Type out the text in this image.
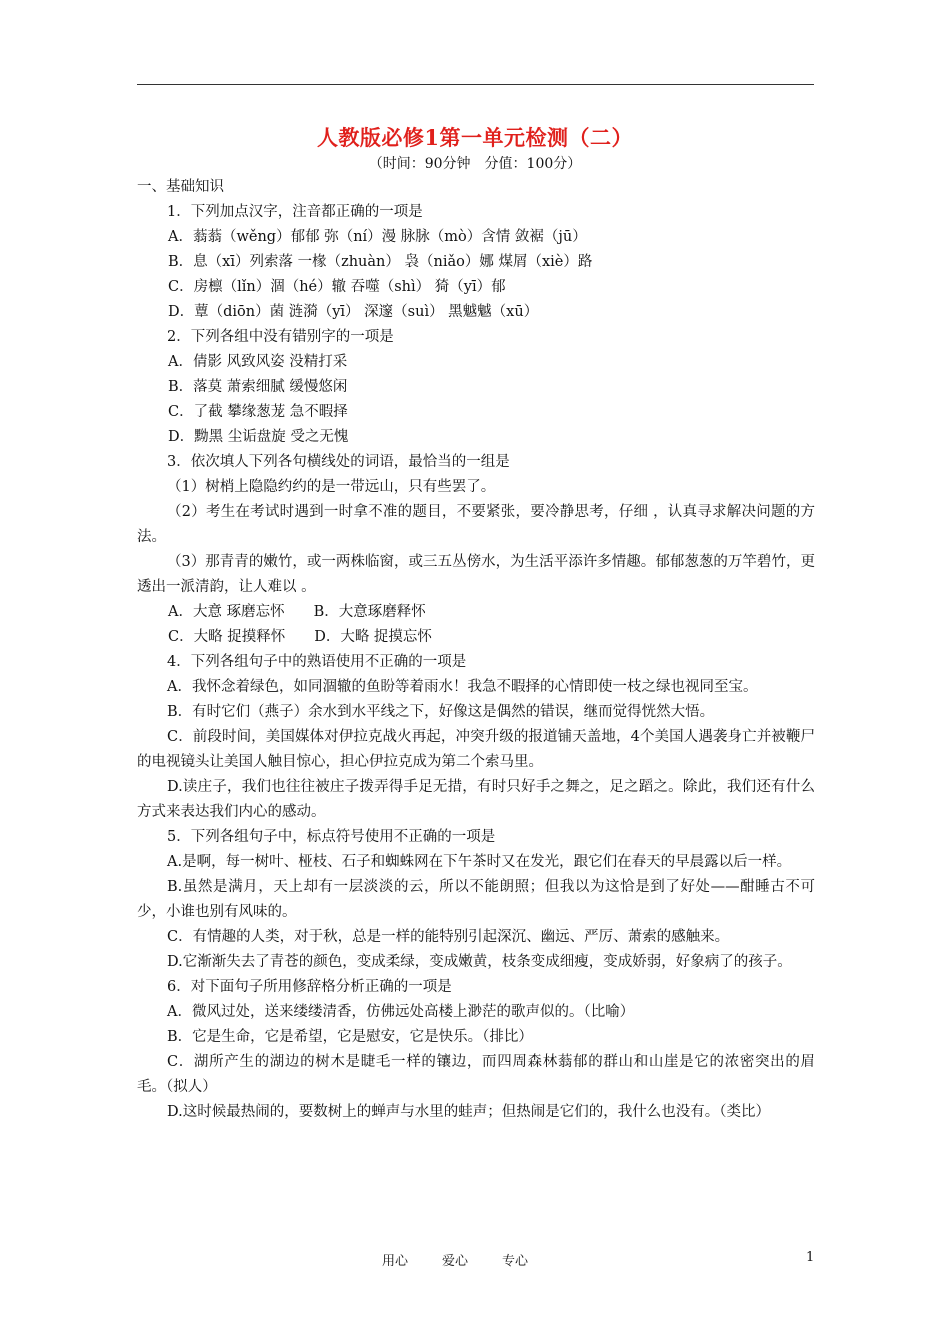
人教版必修1第一单元检测（二）
（时间：90分钟　分值：100分）

一、基础知识

1．下列加点汉字，注音都正确的一项是

A．蓊蓊（wěng）郁郁 弥（ní）漫 脉脉（mò）含情 敛裾（jū）

B．息（xī）列索落 一椽（zhuàn） 袅（niǎo）娜 煤屑（xiè）路

C．房檩（lǐn）涸（hé）辙 吞噬（shì） 猗（yī）郁

D．蕈（diōn）菌 涟漪（yī） 深邃（suì） 黑魆魆（xū）

2．下列各组中没有错别字的一项是

A．倩影 风致风姿 没精打采

B．落莫 萧索细腻 缓慢悠闲

C．了截 攀缘葱茏 急不暇择

D．黝黑 尘诟盘旋 受之无愧

3．依次填人下列各句横线处的词语，最恰当的一组是

（1）树梢上隐隐约约的是一带远山，只有些罢了。

（2）考生在考试时遇到一时拿不准的题目，不要紧张，要冷静思考，仔细 ，认真寻求解决问题的方法。

（3）那青青的嫩竹，或一两株临窗，或三五丛傍水，为生活平添许多情趣。郁郁葱葱的万竿碧竹，更透出一派清韵，让人难以 。

A．大意 琢磨忘怀　　B．大意琢磨释怀

C．大略 捉摸释怀　　D．大略 捉摸忘怀

4．下列各组句子中的熟语使用不正确的一项是

A．我怀念着绿色，如同涸辙的鱼盼等着雨水！我急不暇择的心情即使一枝之绿也视同至宝。

B．有时它们（燕子）余水到水平线之下，好像这是偶然的错误，继而觉得恍然大悟。

C．前段时间，美国媒体对伊拉克战火再起，冲突升级的报道铺天盖地，4个美国人遇袭身亡并被鞭尸的电视镜头让美国人触目惊心，担心伊拉克成为第二个索马里。

D.读庄子，我们也往往被庄子拨弄得手足无措，有时只好手之舞之，足之蹈之。除此，我们还有什么方式来表达我们内心的感动。

5．下列各组句子中，标点符号使用不正确的一项是

A.是啊，每一树叶、桠枝、石子和蜘蛛网在下午茶时又在发光，跟它们在春天的早晨露以后一样。

B.虽然是满月，天上却有一层淡淡的云，所以不能朗照；但我以为这恰是到了好处——酣睡古不可少，小谁也别有风味的。

C．有情趣的人类，对于秋，总是一样的能特别引起深沉、幽远、严厉、萧索的感触来。

D.它渐渐失去了青苍的颜色，变成柔绿，变成嫩黄，枝条变成细瘦，变成娇弱，好象病了的孩子。

6．对下面句子所用修辞格分析正确的一项是

A．微风过处，送来缕缕清香，仿佛远处高楼上渺茫的歌声似的。（比喻）

B．它是生命，它是希望，它是慰安，它是快乐。（排比）

C．湖所产生的湖边的树木是睫毛一样的镶边，而四周森林蓊郁的群山和山崖是它的浓密突出的眉毛。（拟人）

D.这时候最热闹的，要数树上的蝉声与水里的蛙声；但热闹是它们的，我什么也没有。（类比）

用心	爱心	专心	1
